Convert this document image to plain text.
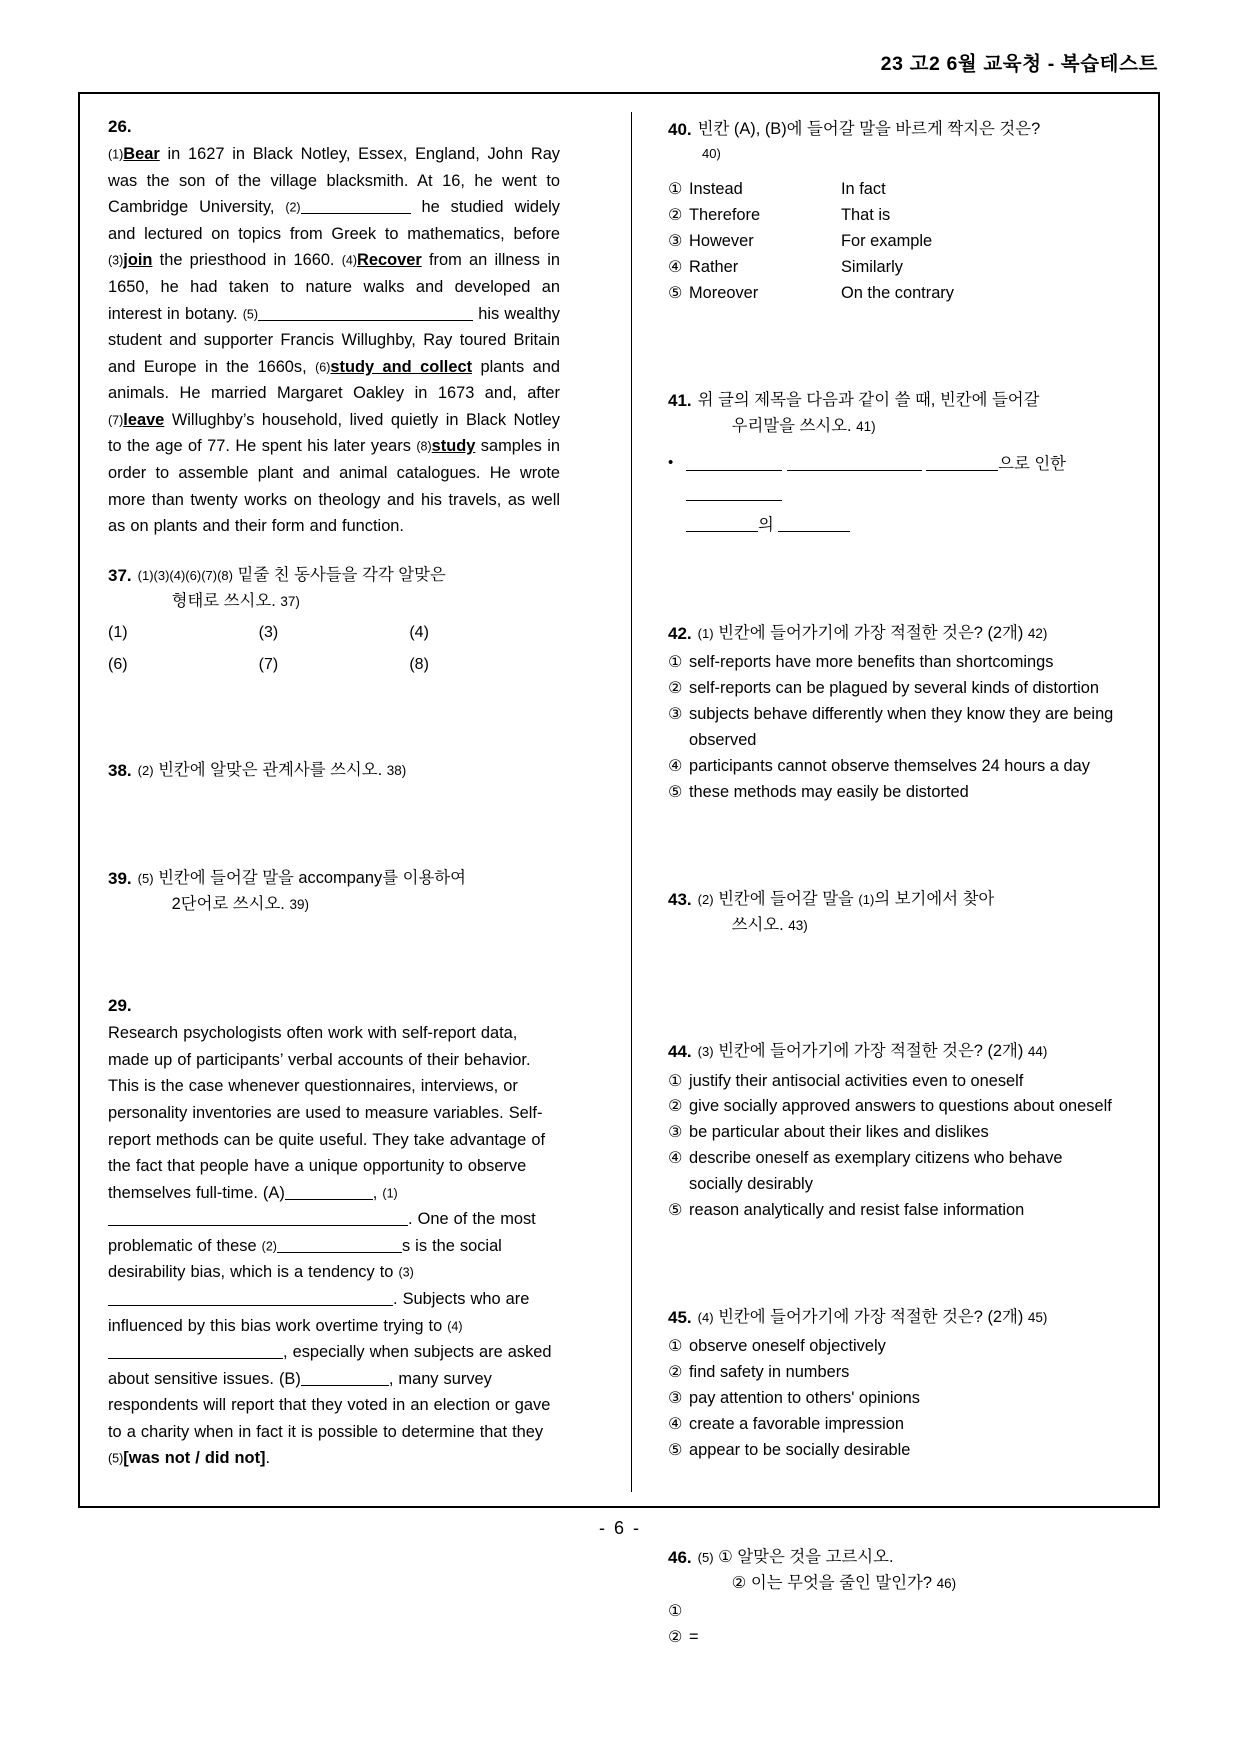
23 고2 6월 교육청 - 복습테스트
26.
(1)Bear in 1627 in Black Notley, Essex, England, John Ray was the son of the village blacksmith. At 16, he went to Cambridge University, (2)	he studied widely and lectured on topics from Greek to mathematics, before (3)join the priesthood in 1660. (4)Recover from an illness in 1650, he had taken to nature walks and developed an interest in botany. (5)	his wealthy student and supporter Francis Willughby, Ray toured Britain and Europe in the 1660s, (6)study and collect plants and animals. He married Margaret Oakley in 1673 and, after (7)leave Willughby’s household, lived quietly in Black Notley to the age of 77. He spent his later years (8)study samples in order to assemble plant and animal catalogues. He wrote more than twenty works on theology and his travels, as well as on plants and their form and function.
37. (1)(3)(4)(6)(7)(8) 밑줄 친 동사들을 각각 알맞은
형태로 쓰시오. 37)
(1)	(3)	(4)
(6)	(7)	(8)
38. (2) 빈칸에 알맞은 관계사를 쓰시오. 38)
39. (5) 빈칸에 들어갈 말을 accompany를 이용하여
2단어로 쓰시오. 39)
29.
Research psychologists often work with self-report data, made up of participants’ verbal accounts of their behavior. This is the case whenever questionnaires, interviews, or personality inventories are used to measure variables. Self-report methods can be quite useful. They take advantage of the fact that people have a unique opportunity to observe themselves full-time. (A)	, (1). One of the most problematic of these (2)	s is the social desirability bias, which is a tendency to (3). Subjects who are influenced by this bias work overtime trying to (4), especially when subjects are asked about sensitive issues. (B)	, many survey respondents will report that they voted in an election or gave to a charity when in fact it is possible to determine that they (5)[was not / did not].
40. 빈칸 (A), (B)에 들어갈 말을 바르게 짝지은 것은?
40)
① Instead	In fact
② Therefore	That is
③ However	For example
④ Rather	Similarly
⑤ Moreover	On the contrary
41. 위 글의 제목을 다음과 같이 쓸 때, 빈칸에 들어갈
우리말을 쓰시오. 41)
•	으로 인한
의
42. (1) 빈칸에 들어가기에 가장 적절한 것은? (2개) 42)
① self-reports have more benefits than shortcomings
② self-reports can be plagued by several kinds of distortion
③ subjects behave differently when they know they are being observed
④ participants cannot observe themselves 24 hours a day
⑤ these methods may easily be distorted
43. (2) 빈칸에 들어갈 말을 (1)의 보기에서 찾아
쓰시오. 43)
44. (3) 빈칸에 들어가기에 가장 적절한 것은? (2개) 44)
① justify their antisocial activities even to oneself
② give socially approved answers to questions about oneself
③ be particular about their likes and dislikes
④ describe oneself as exemplary citizens who behave socially desirably
⑤ reason analytically and resist false information
45. (4) 빈칸에 들어가기에 가장 적절한 것은? (2개) 45)
① observe oneself objectively
② find safety in numbers
③ pay attention to others' opinions
④ create a favorable impression
⑤ appear to be socially desirable
46. (5) ① 알맞은 것을 고르시오.
② 이는 무엇을 줄인 말인가? 46)
①
② =
- 6 -
